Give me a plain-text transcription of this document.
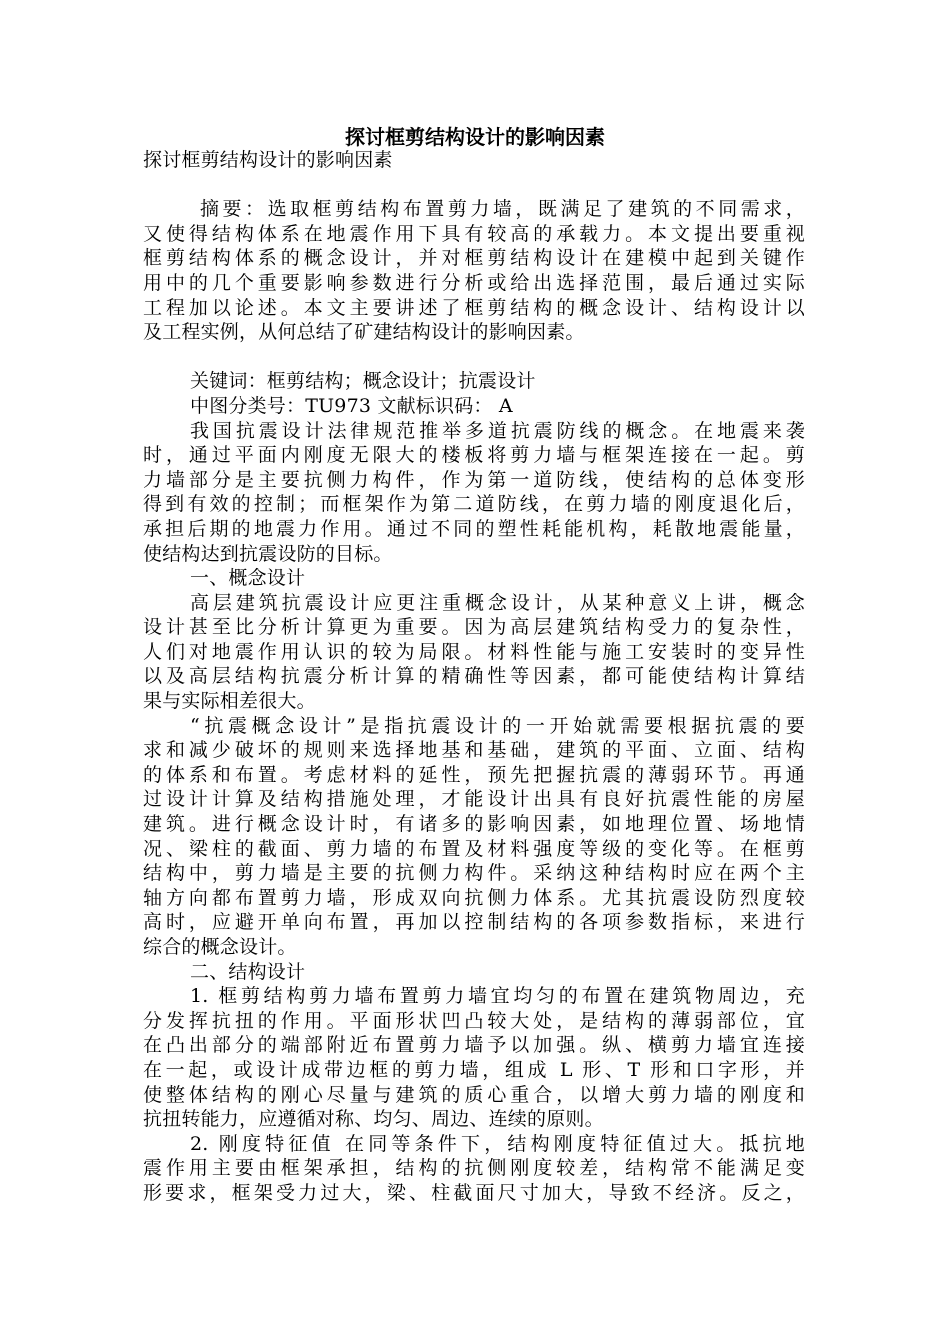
探讨框剪结构设计的影响因素
探讨框剪结构设计的影响因素
摘要：选取框剪结构布置剪力墙，既满足了建筑的不同需求，
又使得结构体系在地震作用下具有较高的承载力。本文提出要重视
框剪结构体系的概念设计，并对框剪结构设计在建模中起到关键作
用中的几个重要影响参数进行分析或给出选择范围，最后通过实际
工程加以论述。本文主要讲述了框剪结构的概念设计、结构设计以
及工程实例，从何总结了矿建结构设计的影响因素。
关键词：框剪结构；概念设计；抗震设计
中图分类号：TU973 文献标识码： A
我国抗震设计法律规范推举多道抗震防线的概念。在地震来袭
时，通过平面内刚度无限大的楼板将剪力墙与框架连接在一起。剪
力墙部分是主要抗侧力构件，作为第一道防线，使结构的总体变形
得到有效的控制；而框架作为第二道防线，在剪力墙的刚度退化后，
承担后期的地震力作用。通过不同的塑性耗能机构，耗散地震能量，
使结构达到抗震设防的目标。
一、概念设计
高层建筑抗震设计应更注重概念设计，从某种意义上讲，概念
设计甚至比分析计算更为重要。因为高层建筑结构受力的复杂性，
人们对地震作用认识的较为局限。材料性能与施工安装时的变异性
以及高层结构抗震分析计算的精确性等因素，都可能使结构计算结
果与实际相差很大。
“抗震概念设计”是指抗震设计的一开始就需要根据抗震的要
求和减少破坏的规则来选择地基和基础，建筑的平面、立面、结构
的体系和布置。考虑材料的延性，预先把握抗震的薄弱环节。再通
过设计计算及结构措施处理，才能设计出具有良好抗震性能的房屋
建筑。进行概念设计时，有诸多的影响因素，如地理位置、场地情
况、梁柱的截面、剪力墙的布置及材料强度等级的变化等。在框剪
结构中，剪力墙是主要的抗侧力构件。采纳这种结构时应在两个主
轴方向都布置剪力墙，形成双向抗侧力体系。尤其抗震设防烈度较
高时，应避开单向布置，再加以控制结构的各项参数指标，来进行
综合的概念设计。
二、结构设计
1. 框剪结构剪力墙布置剪力墙宜均匀的布置在建筑物周边，充
分发挥抗扭的作用。平面形状凹凸较大处，是结构的薄弱部位，宜
在凸出部分的端部附近布置剪力墙予以加强。纵、横剪力墙宜连接
在一起，或设计成带边框的剪力墙，组成 L 形、T 形和口字形，并
使整体结构的刚心尽量与建筑的质心重合，以增大剪力墙的刚度和
抗扭转能力，应遵循对称、均匀、周边、连续的原则。
2. 刚度特征值 在同等条件下，结构刚度特征值过大。抵抗地
震作用主要由框架承担，结构的抗侧刚度较差，结构常不能满足变
形要求，框架受力过大，梁、柱截面尺寸加大，导致不经济。反之，
